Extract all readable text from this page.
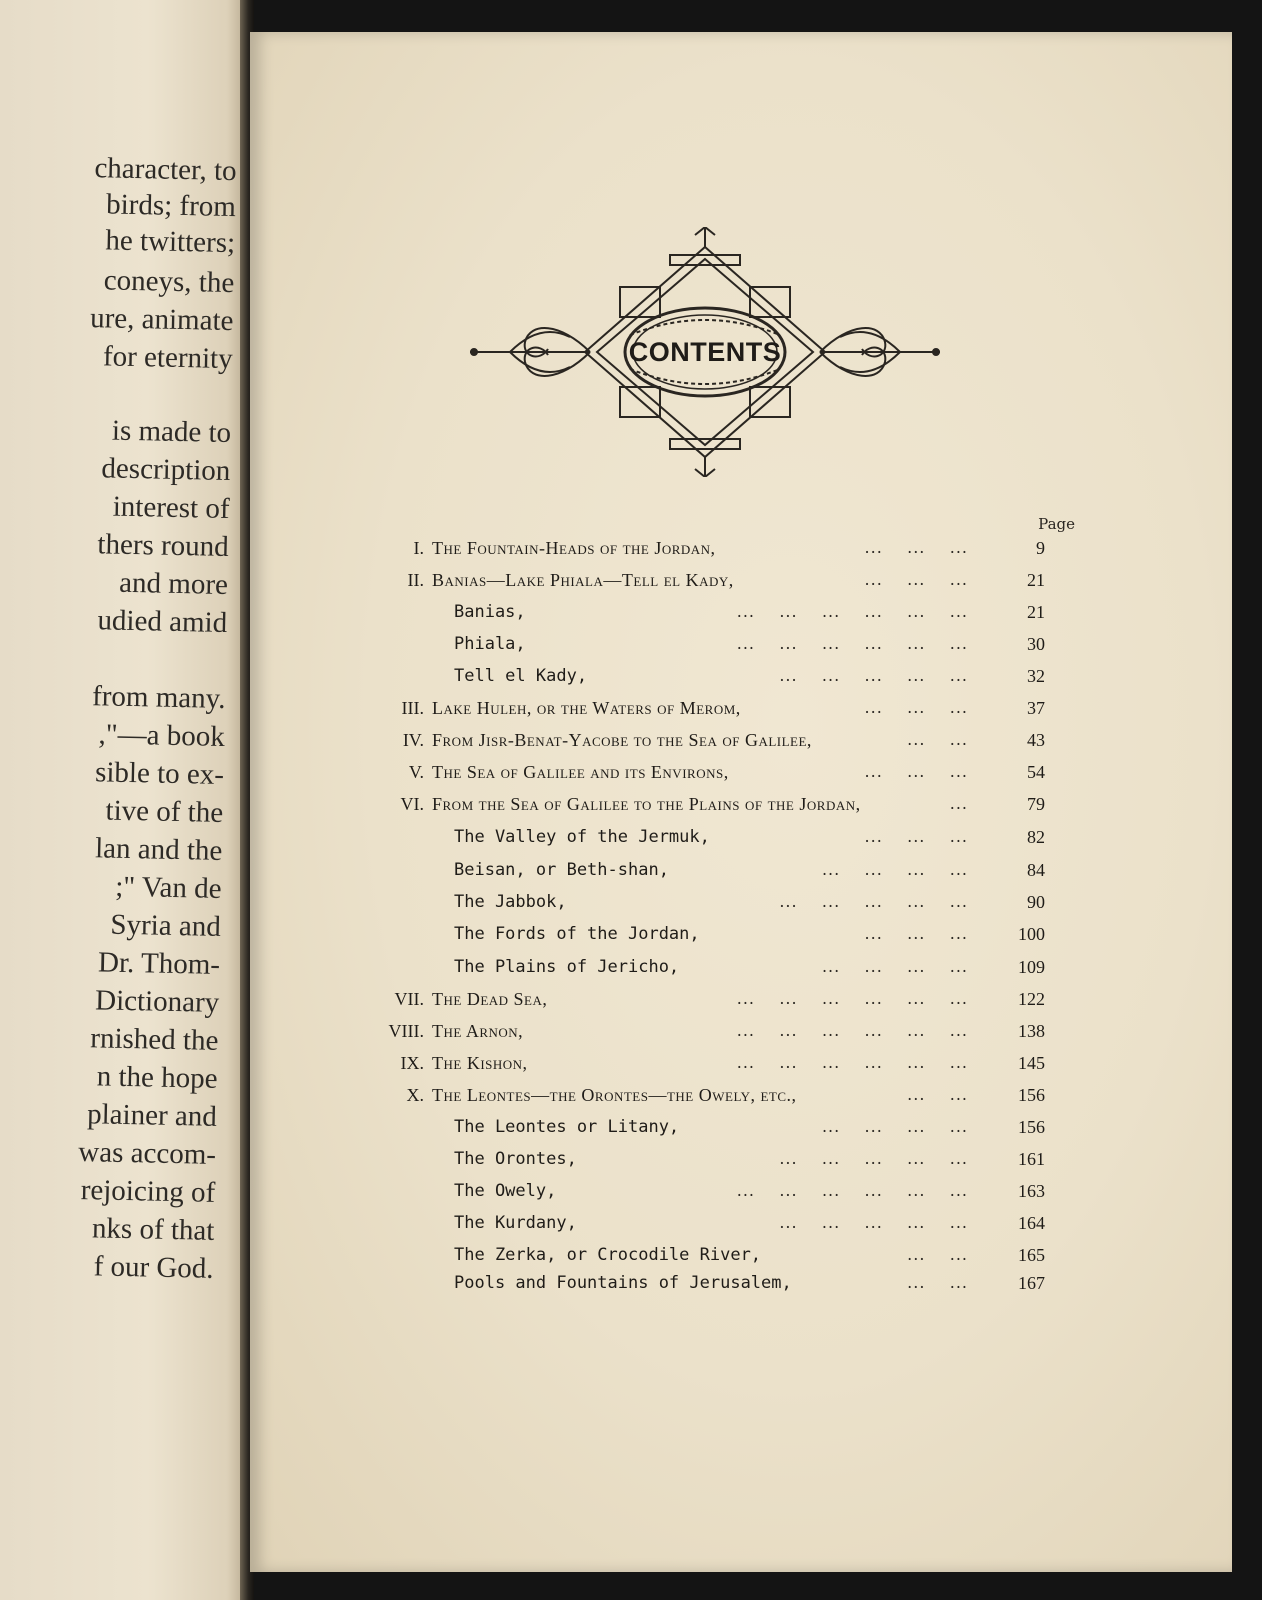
character, to
birds; from
he twitters;
coneys, the
ure, animate
for eternity
is made to
description
interest of
thers round
and more
udied amid
from many.
,"—a book
sible to ex-
tive of the
lan and the
;" Van de
Syria and
Dr. Thom-
Dictionary
rnished the
n the hope
plainer and
was accom-
rejoicing of
nks of that
f our God.
CONTENTS
Page
I. The Fountain-Heads of the Jordan,	...    ...    ...	9
II. Banias—Lake Phiala—Tell el Kady,	...    ...    ...	21
Banias,	...    ...    ...    ...    ...    ...	21
Phiala,	...    ...    ...    ...    ...    ...	30
Tell el Kady,	...    ...    ...    ...    ...	32
III. Lake Huleh, or the Waters of Merom,	...    ...    ...	37
IV. From Jisr-Benat-Yacobe to the Sea of Galilee,	...    ...	43
V. The Sea of Galilee and its Environs,	...    ...    ...	54
VI. From the Sea of Galilee to the Plains of the Jordan,	...	79
The Valley of the Jermuk,	...    ...    ...	82
Beisan, or Beth-shan,	...    ...    ...    ...	84
The Jabbok,	...    ...    ...    ...    ...	90
The Fords of the Jordan,	...    ...    ...	100
The Plains of Jericho,	...    ...    ...    ...	109
VII. The Dead Sea,	...    ...    ...    ...    ...    ...	122
VIII. The Arnon,	...    ...    ...    ...    ...    ...	138
IX. The Kishon,	...    ...    ...    ...    ...    ...	145
X. The Leontes—the Orontes—the Owely, etc.,	...    ...	156
The Leontes or Litany,	...    ...    ...    ...	156
The Orontes,	...    ...    ...    ...    ...	161
The Owely,	...    ...    ...    ...    ...    ...	163
The Kurdany,	...    ...    ...    ...    ...	164
The Zerka, or Crocodile River,	...    ...	165
Pools and Fountains of Jerusalem,	...    ...	167
